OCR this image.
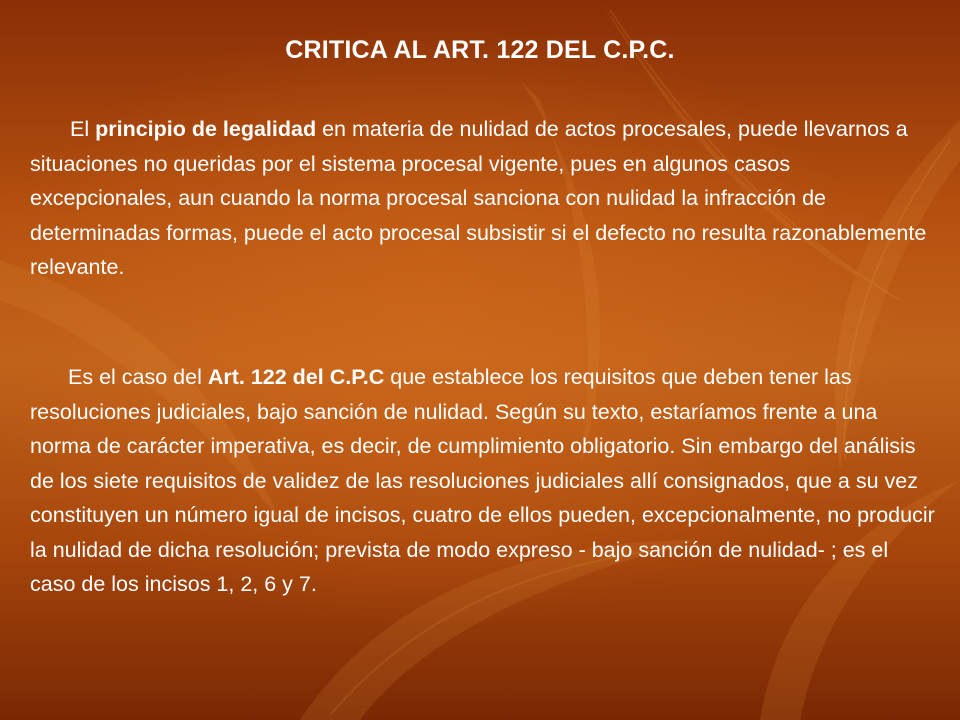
CRITICA AL ART. 122 DEL C.P.C.

El principio de legalidad en materia de nulidad de actos procesales, puede llevarnos a situaciones no queridas por el sistema procesal vigente, pues en algunos casos excepcionales, aun cuando la norma procesal sanciona con nulidad la infracción de determinadas formas, puede el acto procesal subsistir si el defecto no resulta razonablemente relevante.

Es el caso del Art. 122 del C.P.C que establece los requisitos que deben tener las resoluciones judiciales, bajo sanción de nulidad. Según su texto, estaríamos frente a una norma de carácter imperativa, es decir, de cumplimiento obligatorio. Sin embargo del análisis de los siete requisitos de validez de las resoluciones judiciales allí consignados, que a su vez constituyen un número igual de incisos, cuatro de ellos pueden, excepcionalmente, no producir la nulidad de dicha resolución; prevista de modo expreso - bajo sanción de nulidad- ; es el caso de los incisos 1, 2, 6 y 7.
